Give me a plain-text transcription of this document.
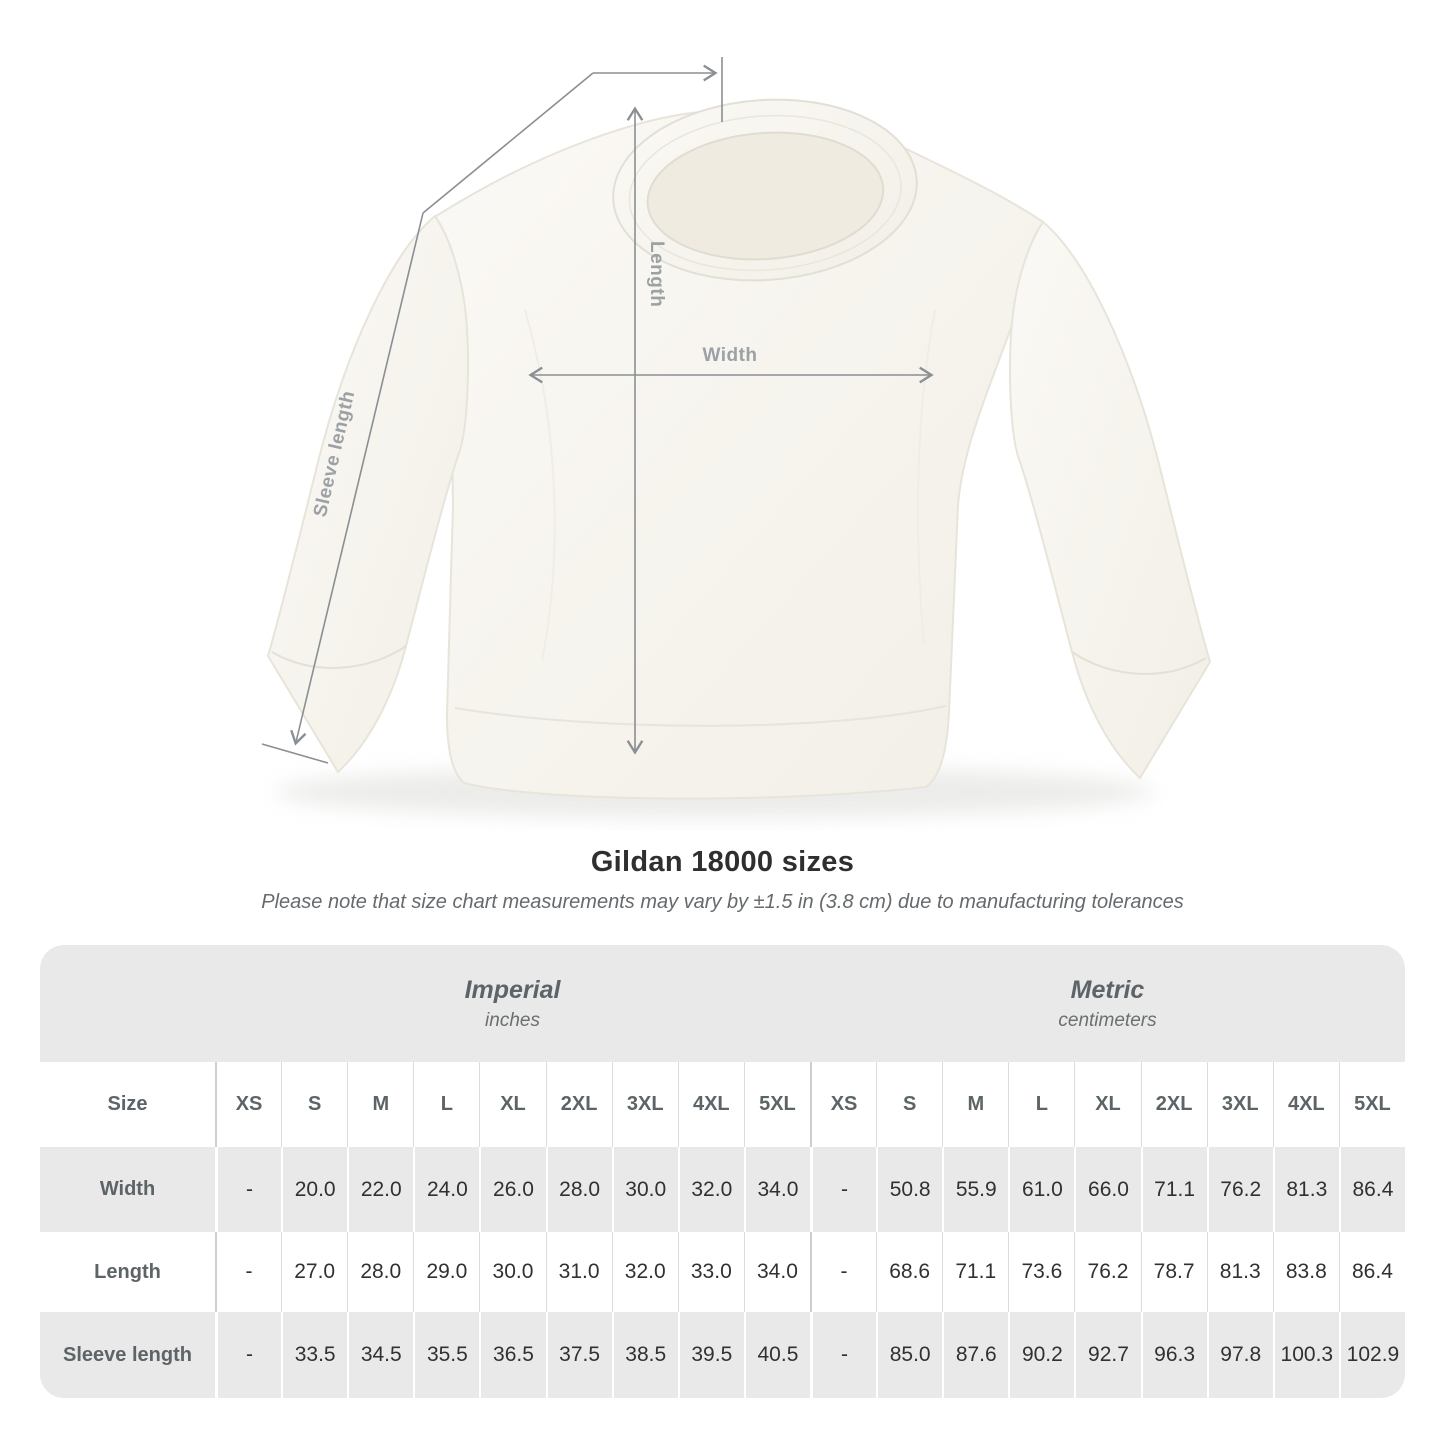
Width
Length
Sleeve length
Gildan 18000 sizes

Please note that size chart measurements may vary by ±1.5 in (3.8 cm) due to manufacturing tolerances

Imperial
inches
Metric
centimeters
Size	XS	S	M	L	XL	2XL	3XL	4XL	5XL	XS	S	M	L	XL	2XL	3XL	4XL	5XL
Width	-	20.0	22.0	24.0	26.0	28.0	30.0	32.0	34.0	-	50.8	55.9	61.0	66.0	71.1	76.2	81.3	86.4
Length	-	27.0	28.0	29.0	30.0	31.0	32.0	33.0	34.0	-	68.6	71.1	73.6	76.2	78.7	81.3	83.8	86.4
Sleeve length	-	33.5	34.5	35.5	36.5	37.5	38.5	39.5	40.5	-	85.0	87.6	90.2	92.7	96.3	97.8 100.3 102.9
